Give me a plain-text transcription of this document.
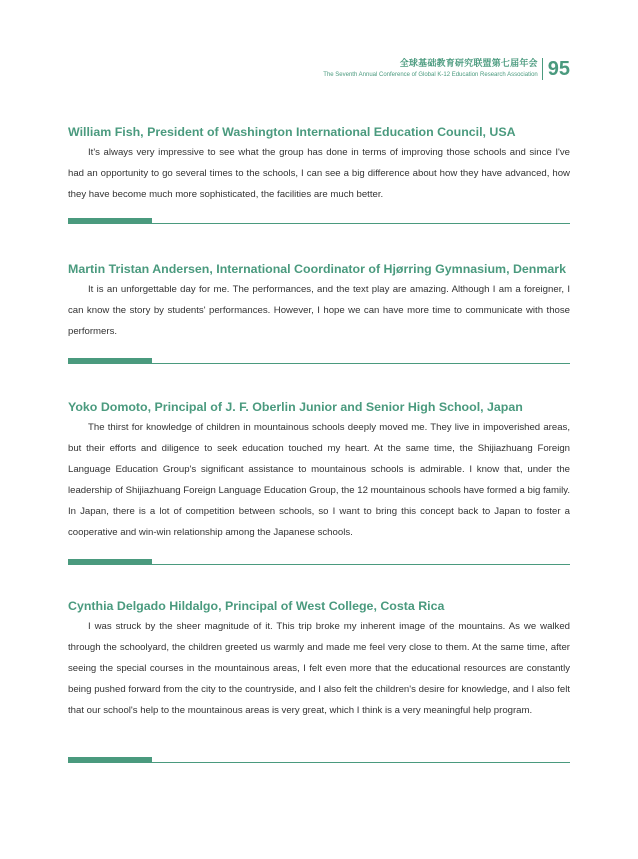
全球基础教育研究联盟第七届年会
The Seventh Annual Conference of Global K-12 Education Research Association 95
William Fish, President of Washington International Education Council, USA

It's always very impressive to see what the group has done in terms of improving those schools and since I've had an opportunity to go several times to the schools, I can see a big difference about how they have advanced, how they have become much more sophisticated, the facilities are much better.

Martin Tristan Andersen, International Coordinator of Hjørring Gymnasium, Denmark

It is an unforgettable day for me. The performances, and the text play are amazing. Although I am a foreigner, I can know the story by students' performances. However, I hope we can have more time to communicate with those performers.

Yoko Domoto, Principal of J. F. Oberlin Junior and Senior High School, Japan

The thirst for knowledge of children in mountainous schools deeply moved me. They live in impoverished areas, but their efforts and diligence to seek education touched my heart. At the same time, the Shijiazhuang Foreign Language Education Group's significant assistance to mountainous schools is admirable. I know that, under the leadership of Shijiazhuang Foreign Language Education Group, the 12 mountainous schools have formed a big family. In Japan, there is a lot of competition between schools, so I want to bring this concept back to Japan to foster a cooperative and win-win relationship among the Japanese schools.

Cynthia Delgado Hildalgo, Principal of West College, Costa Rica

I was struck by the sheer magnitude of it. This trip broke my inherent image of the mountains. As we walked through the schoolyard, the children greeted us warmly and made me feel very close to them. At the same time, after seeing the special courses in the mountainous areas, I felt even more that the educational resources are constantly being pushed forward from the city to the countryside, and I also felt the children's desire for knowledge, and I also felt that our school's help to the mountainous areas is very great, which I think is a very meaningful help program.
